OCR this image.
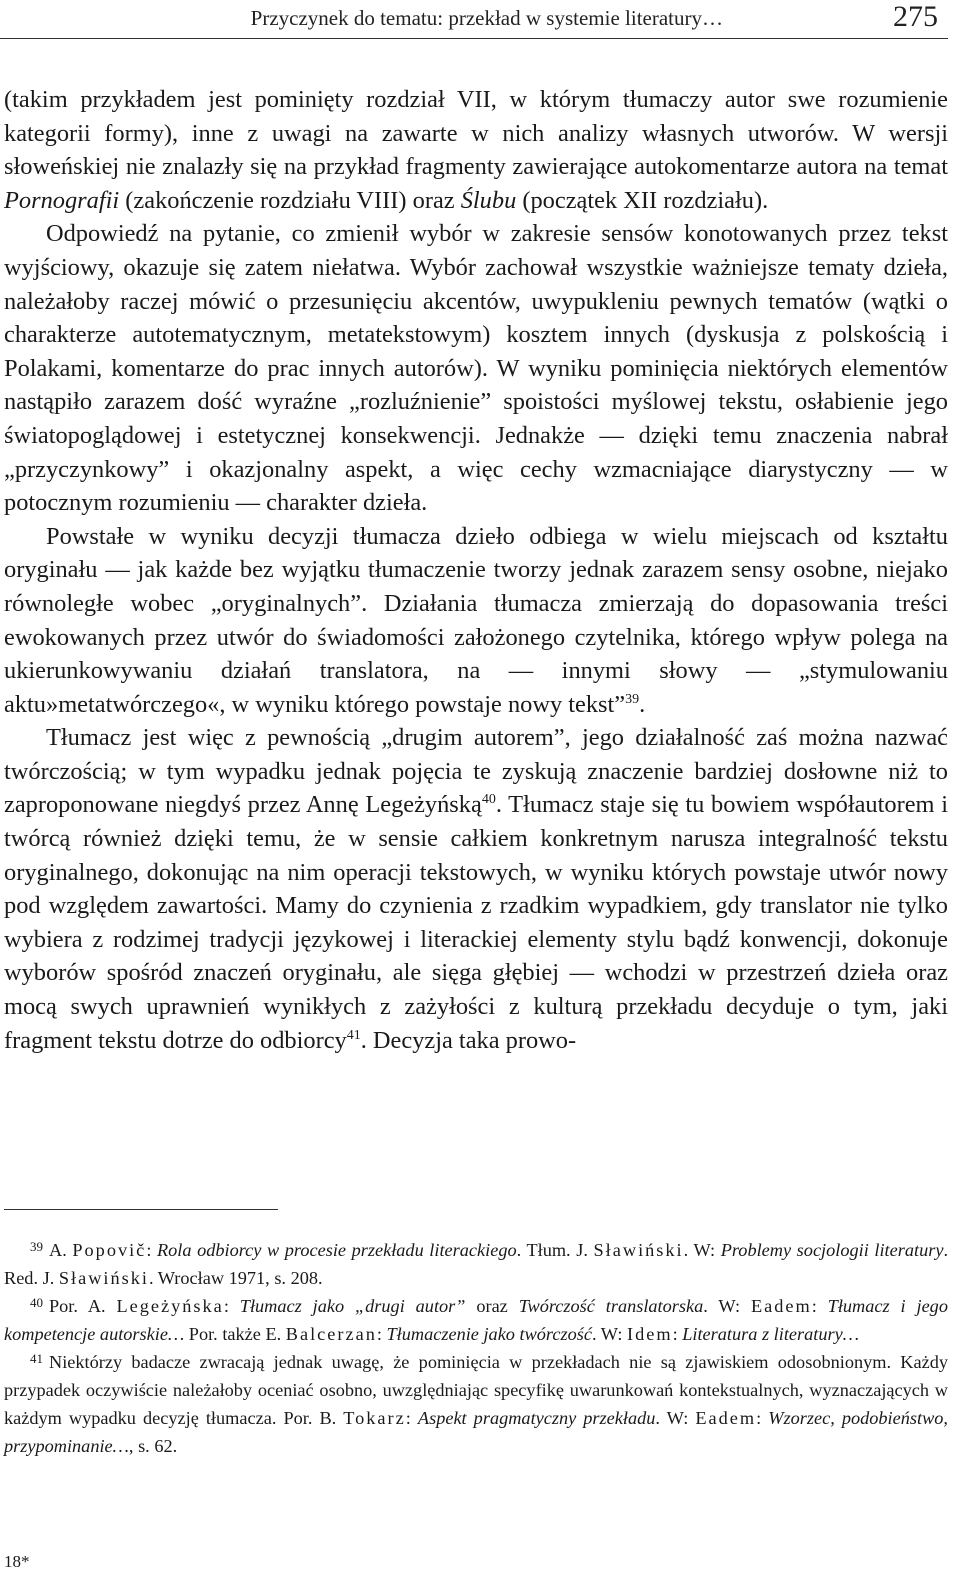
Przyczynek do tematu: przekład w systemie literatury…	275

(takim przykładem jest pominięty rozdział VII, w którym tłumaczy autor swe rozumienie kategorii formy), inne z uwagi na zawarte w nich analizy własnych utworów. W wersji słoweńskiej nie znalazły się na przykład fragmenty zawierające autokomentarze autora na temat Pornografii (zakończenie rozdziału VIII) oraz Ślubu (początek XII rozdziału).

Odpowiedź na pytanie, co zmienił wybór w zakresie sensów konotowanych przez tekst wyjściowy, okazuje się zatem niełatwa. Wybór zachował wszystkie ważniejsze tematy dzieła, należałoby raczej mówić o przesunięciu akcentów, uwypukleniu pewnych tematów (wątki o charakterze autotematycznym, metatekstowym) kosztem innych (dyskusja z polskością i Polakami, komentarze do prac innych autorów). W wyniku pominięcia niektórych elementów nastąpiło zarazem dość wyraźne „rozluźnienie” spoistości myślowej tekstu, osłabienie jego światopoglądowej i estetycznej konsekwencji. Jednakże — dzięki temu znaczenia nabrał „przyczynkowy” i okazjonalny aspekt, a więc cechy wzmacniające diarystyczny — w potocznym rozumieniu — charakter dzieła.

Powstałe w wyniku decyzji tłumacza dzieło odbiega w wielu miejscach od kształtu oryginału — jak każde bez wyjątku tłumaczenie tworzy jednak zarazem sensy osobne, niejako równoległe wobec „oryginalnych”. Działania tłumacza zmierzają do dopasowania treści ewokowanych przez utwór do świadomości założonego czytelnika, którego wpływ polega na ukierunkowywaniu działań translatora, na — innymi słowy — „stymulowaniu aktu»metatwórczego«, w wyniku którego powstaje nowy tekst”$^{39}$.

Tłumacz jest więc z pewnością „drugim autorem”, jego działalność zaś można nazwać twórczością; w tym wypadku jednak pojęcia te zyskują znaczenie bardziej dosłowne niż to zaproponowane niegdyś przez Annę Legeżyńską$^{40}$. Tłumacz staje się tu bowiem współautorem i twórcą również dzięki temu, że w sensie całkiem konkretnym narusza integralność tekstu oryginalnego, dokonując na nim operacji tekstowych, w wyniku których powstaje utwór nowy pod względem zawartości. Mamy do czynienia z rzadkim wypadkiem, gdy translator nie tylko wybiera z rodzimej tradycji językowej i literackiej elementy stylu bądź konwencji, dokonuje wyborów spośród znaczeń oryginału, ale sięga głębiej — wchodzi w przestrzeń dzieła oraz mocą swych uprawnień wynikłych z zażyłości z kulturą przekładu decyduje o tym, jaki fragment tekstu dotrze do odbiorcy$^{41}$. Decyzja taka prowo-

$^{39}$ A. Popovič: Rola odbiorcy w procesie przekładu literackiego. Tłum. J. Sławiński. W: Problemy socjologii literatury. Red. J. Sławiński. Wrocław 1971, s. 208.

$^{40}$ Por. A. Legeżyńska: Tłumacz jako „drugi autor” oraz Twórczość translatorska. W: Eadem: Tłumacz i jego kompetencje autorskie… Por. także E. Balcerzan: Tłumaczenie jako twórczość. W: Idem: Literatura z literatury…

$^{41}$ Niektórzy badacze zwracają jednak uwagę, że pominięcia w przekładach nie są zjawiskiem odosobnionym. Każdy przypadek oczywiście należałoby oceniać osobno, uwzględniając specyfikę uwarunkowań kontekstualnych, wyznaczających w każdym wypadku decyzję tłumacza. Por. B. Tokarz: Aspekt pragmatyczny przekładu. W: Eadem: Wzorzec, podobieństwo, przypominanie…, s. 62.

18*
